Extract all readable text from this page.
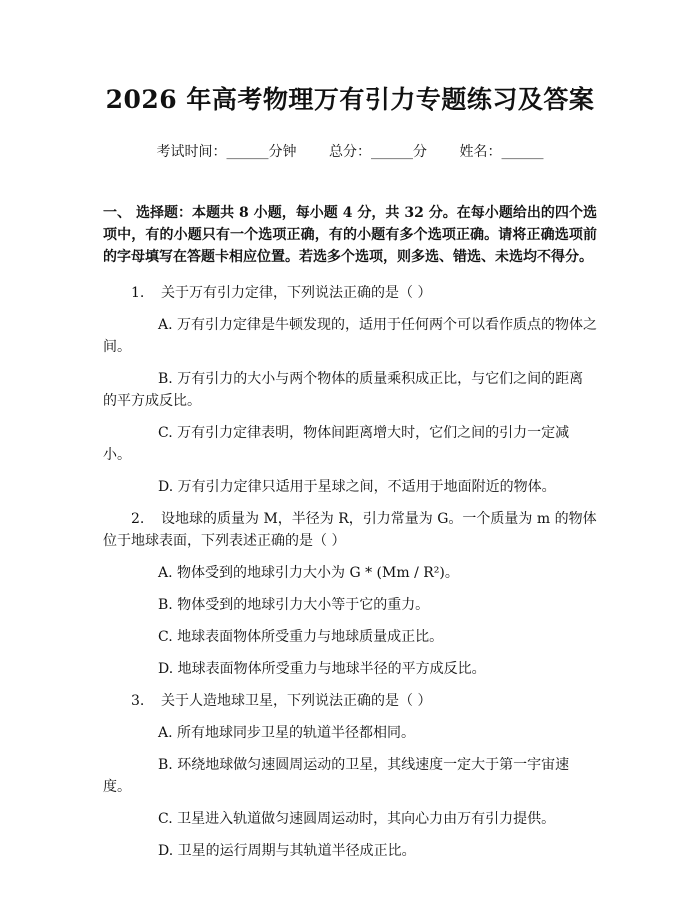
2026 年高考物理万有引力专题练习及答案
考试时间：______分钟 总分：______分 姓名：______

一、 选择题：本题共 8 小题，每小题 4 分，共 32 分。在每小题给出的四个选项中，有的小题只有一个选项正确，有的小题有多个选项正确。请将正确选项前的字母填写在答题卡相应位置。若选多个选项，则多选、错选、未选均不得分。

1. 关于万有引力定律，下列说法正确的是（ ）

A. 万有引力定律是牛顿发现的，适用于任何两个可以看作质点的物体之间。

B. 万有引力的大小与两个物体的质量乘积成正比，与它们之间的距离的平方成反比。

C. 万有引力定律表明，物体间距离增大时，它们之间的引力一定减小。

D. 万有引力定律只适用于星球之间，不适用于地面附近的物体。

2. 设地球的质量为 M，半径为 R，引力常量为 G。一个质量为 m 的物体位于地球表面，下列表述正确的是（ ）

A. 物体受到的地球引力大小为 G * (Mm / R²)。

B. 物体受到的地球引力大小等于它的重力。

C. 地球表面物体所受重力与地球质量成正比。

D. 地球表面物体所受重力与地球半径的平方成反比。

3. 关于人造地球卫星，下列说法正确的是（ ）

A. 所有地球同步卫星的轨道半径都相同。

B. 环绕地球做匀速圆周运动的卫星，其线速度一定大于第一宇宙速度。

C. 卫星进入轨道做匀速圆周运动时，其向心力由万有引力提供。

D. 卫星的运行周期与其轨道半径成正比。
